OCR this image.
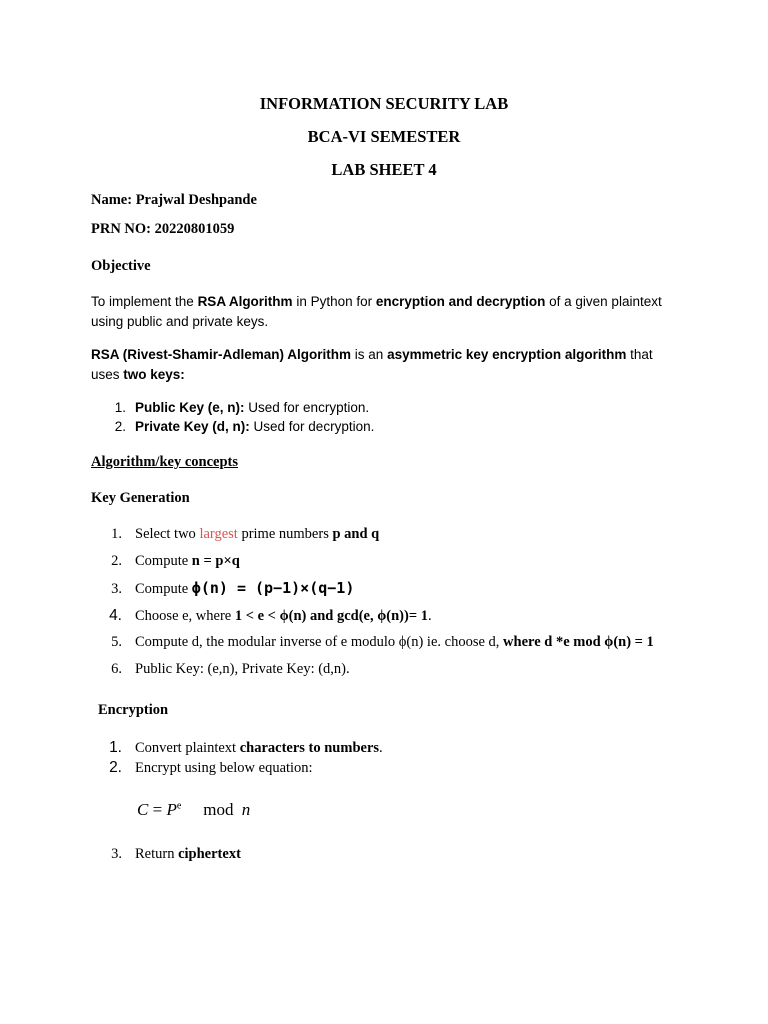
INFORMATION SECURITY LAB

BCA-VI SEMESTER

LAB SHEET 4

Name: Prajwal Deshpande

PRN NO: 20220801059

Objective

To implement the RSA Algorithm in Python for encryption and decryption of a given plaintext
using public and private keys.
RSA (Rivest-Shamir-Adleman) Algorithm is an asymmetric key encryption algorithm that
uses two keys:
1. Public Key (e, n): Used for encryption.
2. Private Key (d, n): Used for decryption.

Algorithm/key concepts

Key Generation

1. Select two largest prime numbers p and q
2. Compute n = p×q
3. Compute ϕ(n) = (p−1)×(q−1)
4. Choose e, where 1 < e < ϕ(n) and gcd(e, ϕ(n))= 1.
5. Compute d, the modular inverse of e modulo ϕ(n) ie. choose d, where d *e mod ϕ(n) = 1
6. Public Key: (e,n), Private Key: (d,n).

Encryption

1. Convert plaintext characters to numbers.
2. Encrypt using below equation:
$C = P^e$ mod n
3. Return ciphertext
